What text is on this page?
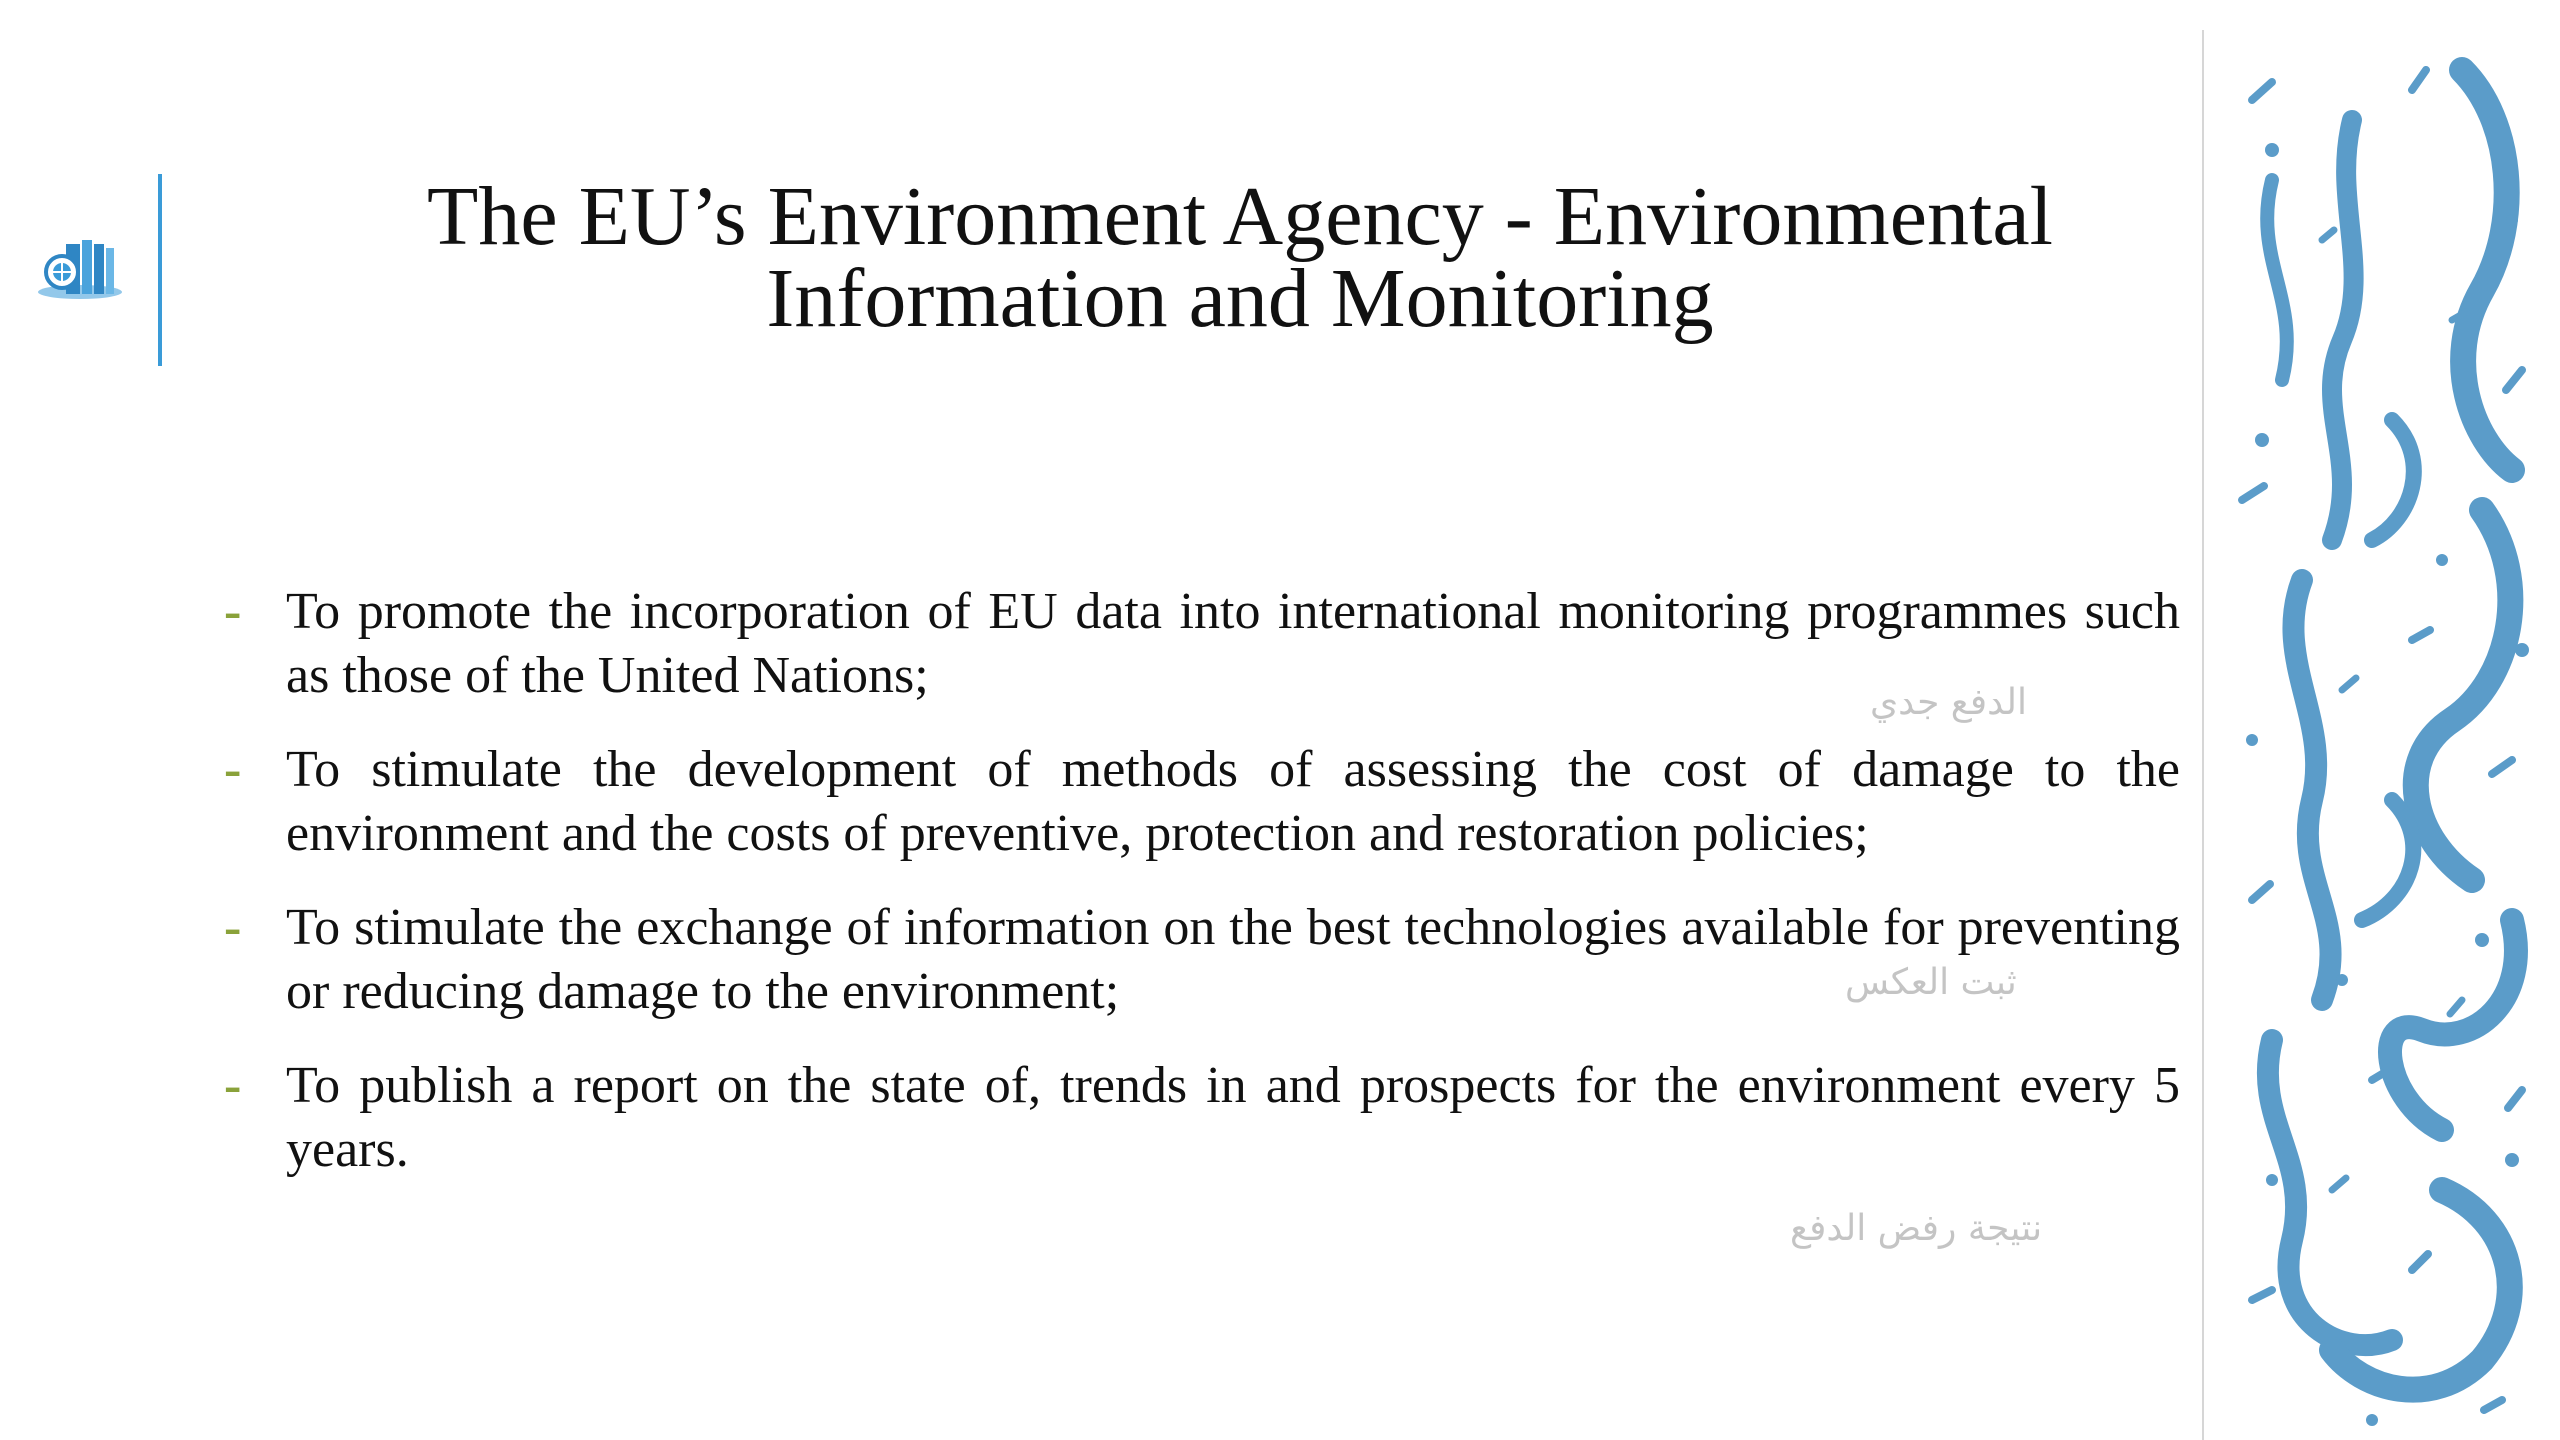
The EU’s Environment Agency - Environmental Information and Monitoring
- To promote the incorporation of EU data into international monitoring programmes such as those of the United Nations;
- To stimulate the development of methods of assessing the cost of damage to the environment and the costs of preventive, protection and restoration policies;
- To stimulate the exchange of information on the best technologies available for preventing or reducing damage to the environment;
- To publish a report on the state of, trends in and prospects for the environment every 5 years.
الدفع جدي
ثبت العكس
نتيجة رفض الدفع
